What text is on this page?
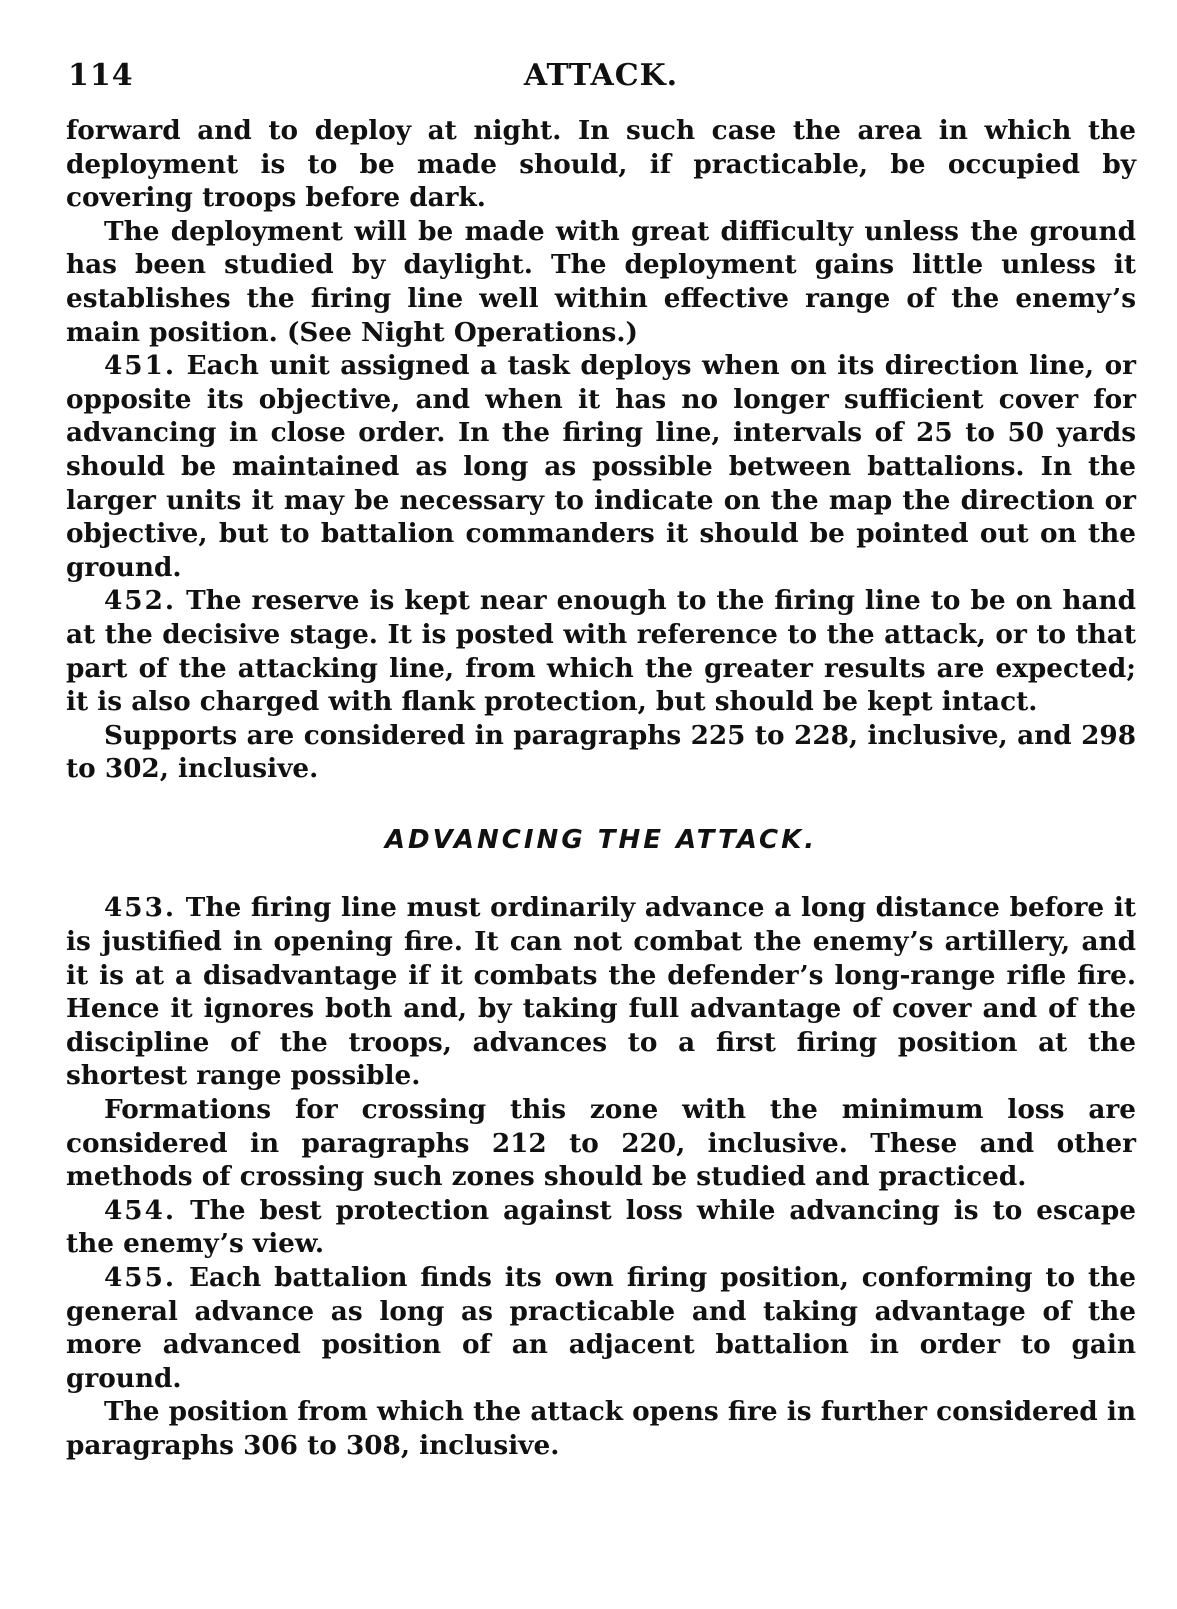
114	ATTACK.

forward and to deploy at night. In such case the area in which the deployment is to be made should, if practicable, be occupied by covering troops before dark.

The deployment will be made with great difficulty unless the ground has been studied by daylight. The deployment gains little unless it establishes the firing line well within effective range of the enemy’s main position. (See Night Operations.)

451. Each unit assigned a task deploys when on its direction line, or opposite its objective, and when it has no longer sufficient cover for advancing in close order. In the firing line, intervals of 25 to 50 yards should be maintained as long as possible between battalions. In the larger units it may be necessary to indicate on the map the direction or objective, but to battalion commanders it should be pointed out on the ground.

452. The reserve is kept near enough to the firing line to be on hand at the decisive stage. It is posted with reference to the attack, or to that part of the attacking line, from which the greater results are expected; it is also charged with flank protection, but should be kept intact.

Supports are considered in paragraphs 225 to 228, inclusive, and 298 to 302, inclusive.

ADVANCING THE ATTACK.

453. The firing line must ordinarily advance a long distance before it is justified in opening fire. It can not combat the enemy’s artillery, and it is at a disadvantage if it combats the defender’s long-range rifle fire. Hence it ignores both and, by taking full advantage of cover and of the discipline of the troops, advances to a first firing position at the shortest range possible.

Formations for crossing this zone with the minimum loss are considered in paragraphs 212 to 220, inclusive. These and other methods of crossing such zones should be studied and practiced.

454. The best protection against loss while advancing is to escape the enemy’s view.

455. Each battalion finds its own firing position, conforming to the general advance as long as practicable and taking advantage of the more advanced position of an adjacent battalion in order to gain ground.

The position from which the attack opens fire is further considered in paragraphs 306 to 308, inclusive.
